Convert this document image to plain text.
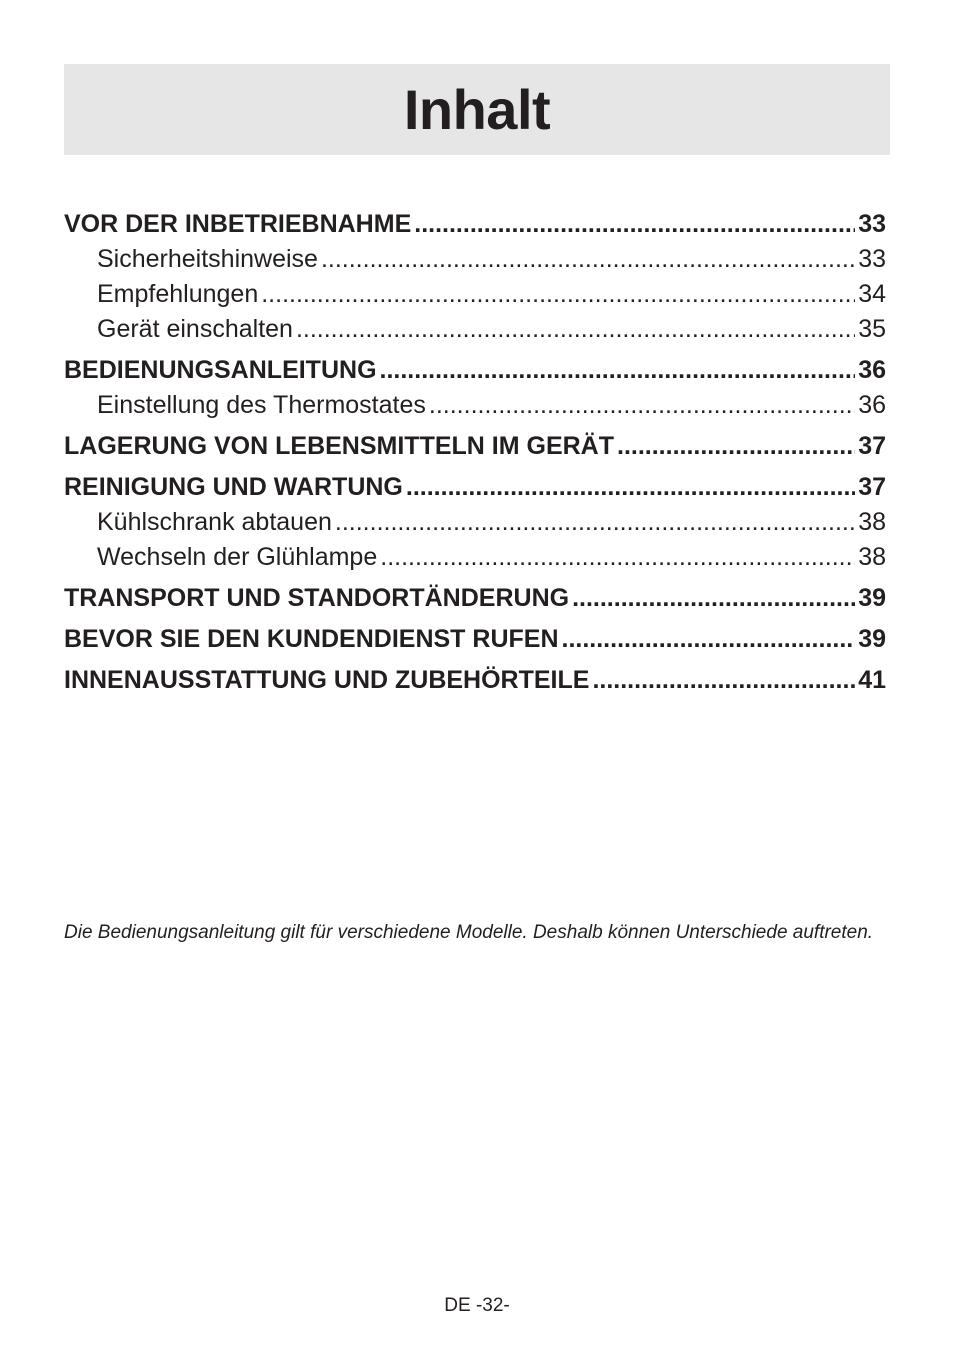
Inhalt
VOR DER INBETRIEBNAHME .....	33
Sicherheitshinweise .....	33
Empfehlungen .....	34
Gerät einschalten .....	35
BEDIENUNGSANLEITUNG .....	36
Einstellung des Thermostates .....	36
LAGERUNG VON LEBENSMITTELN IM GERÄT .....	37
REINIGUNG UND WARTUNG .....	37
Kühlschrank abtauen .....	38
Wechseln der Glühlampe .....	38
TRANSPORT UND STANDORTÄNDERUNG .....	39
BEVOR SIE DEN KUNDENDIENST RUFEN .....	39
INNENAUSSTATTUNG UND ZUBEHÖRTEILE .....	41

Die Bedienungsanleitung gilt für verschiedene Modelle. Deshalb können Unterschiede auftreten.

DE -32-
